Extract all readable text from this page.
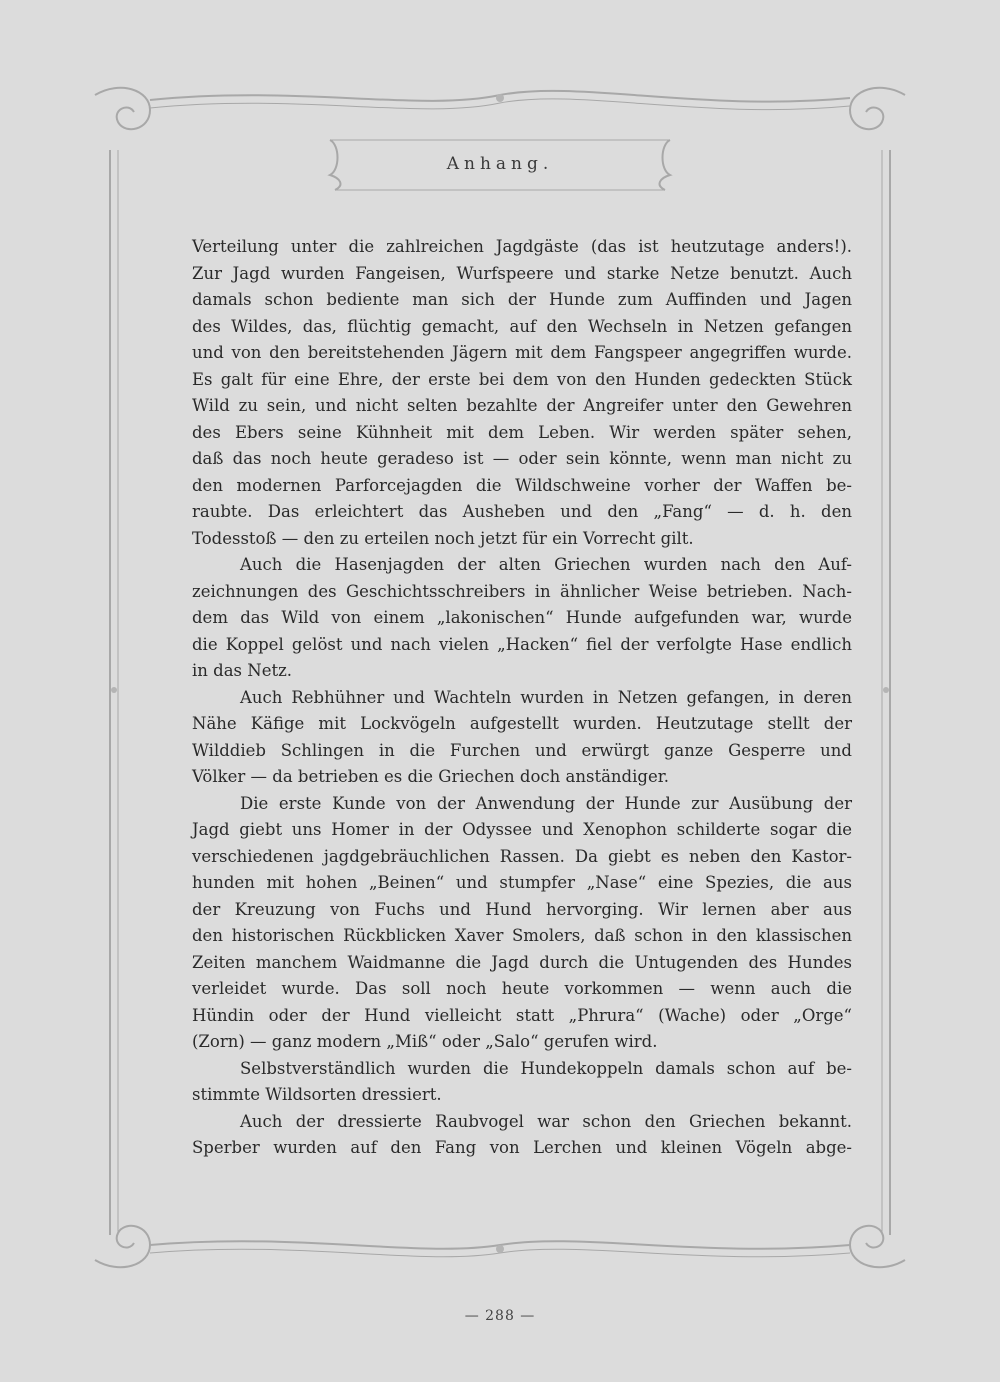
Anhang.
Verteilung unter die zahlreichen Jagdgäste (das ist heutzutage anders!).
Zur Jagd wurden Fangeisen, Wurfspeere und starke Netze benutzt. Auch
damals schon bediente man sich der Hunde zum Auffinden und Jagen
des Wildes, das, flüchtig gemacht, auf den Wechseln in Netzen gefangen
und von den bereitstehenden Jägern mit dem Fangspeer angegriffen wurde.
Es galt für eine Ehre, der erste bei dem von den Hunden gedeckten Stück
Wild zu sein, und nicht selten bezahlte der Angreifer unter den Gewehren
des Ebers seine Kühnheit mit dem Leben. Wir werden später sehen,
daß das noch heute geradeso ist — oder sein könnte, wenn man nicht zu
den modernen Parforcejagden die Wildschweine vorher der Waffen be-
raubte. Das erleichtert das Ausheben und den „Fang“ — d. h. den
Todesstoß — den zu erteilen noch jetzt für ein Vorrecht gilt.
Auch die Hasenjagden der alten Griechen wurden nach den Auf-
zeichnungen des Geschichtsschreibers in ähnlicher Weise betrieben. Nach-
dem das Wild von einem „lakonischen“ Hunde aufgefunden war, wurde
die Koppel gelöst und nach vielen „Hacken“ fiel der verfolgte Hase endlich
in das Netz.
Auch Rebhühner und Wachteln wurden in Netzen gefangen, in deren
Nähe Käfige mit Lockvögeln aufgestellt wurden. Heutzutage stellt der
Wilddieb Schlingen in die Furchen und erwürgt ganze Gesperre und
Völker — da betrieben es die Griechen doch anständiger.
Die erste Kunde von der Anwendung der Hunde zur Ausübung der
Jagd giebt uns Homer in der Odyssee und Xenophon schilderte sogar die
verschiedenen jagdgebräuchlichen Rassen. Da giebt es neben den Kastor-
hunden mit hohen „Beinen“ und stumpfer „Nase“ eine Spezies, die aus
der Kreuzung von Fuchs und Hund hervorging. Wir lernen aber aus
den historischen Rückblicken Xaver Smolers, daß schon in den klassischen
Zeiten manchem Waidmanne die Jagd durch die Untugenden des Hundes
verleidet wurde. Das soll noch heute vorkommen — wenn auch die
Hündin oder der Hund vielleicht statt „Phrura“ (Wache) oder „Orge“
(Zorn) — ganz modern „Miß“ oder „Salo“ gerufen wird.
Selbstverständlich wurden die Hundekoppeln damals schon auf be-
stimmte Wildsorten dressiert.
Auch der dressierte Raubvogel war schon den Griechen bekannt.
Sperber wurden auf den Fang von Lerchen und kleinen Vögeln abge-
— 288 —
